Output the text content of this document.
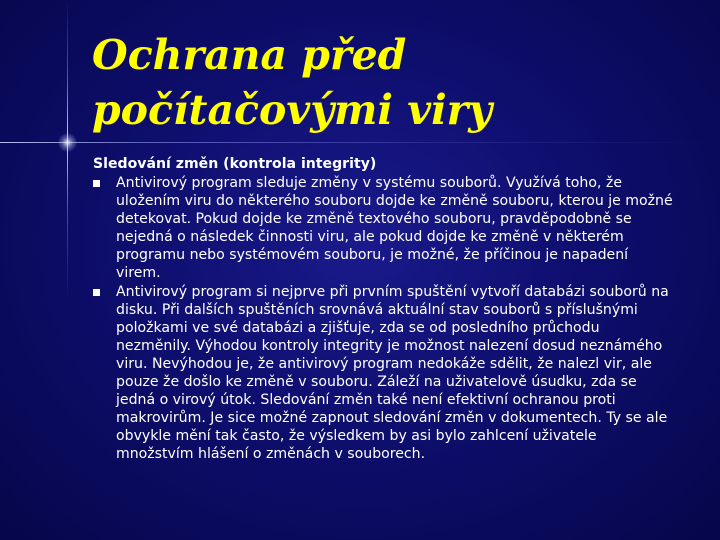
Ochrana před
počítačovými viry
Sledování změn (kontrola integrity)
Antivirový program sleduje změny v systému souborů. Využívá toho, že uložením viru do některého souboru dojde ke změně souboru, kterou je možné detekovat. Pokud dojde ke změně textového souboru, pravděpodobně se nejedná o následek činnosti viru, ale pokud dojde ke změně v některém programu nebo systémovém souboru, je možné, že příčinou je napadení virem.
Antivirový program si nejprve při prvním spuštění vytvoří databázi souborů na disku. Při dalších spuštěních srovnává aktuální stav souborů s příslušnými položkami ve své databázi a zjišťuje, zda se od posledního průchodu nezměnily. Výhodou kontroly integrity je možnost nalezení dosud neznámého viru. Nevýhodou je, že antivirový program nedokáže sdělit, že nalezl vir, ale pouze že došlo ke změně v souboru. Záleží na uživatelově úsudku, zda se jedná o virový útok. Sledování změn také není efektivní ochranou proti makrovirům. Je sice možné zapnout sledování změn v dokumentech. Ty se ale obvykle mění tak často, že výsledkem by asi bylo zahlcení uživatele množstvím hlášení o změnách v souborech.
